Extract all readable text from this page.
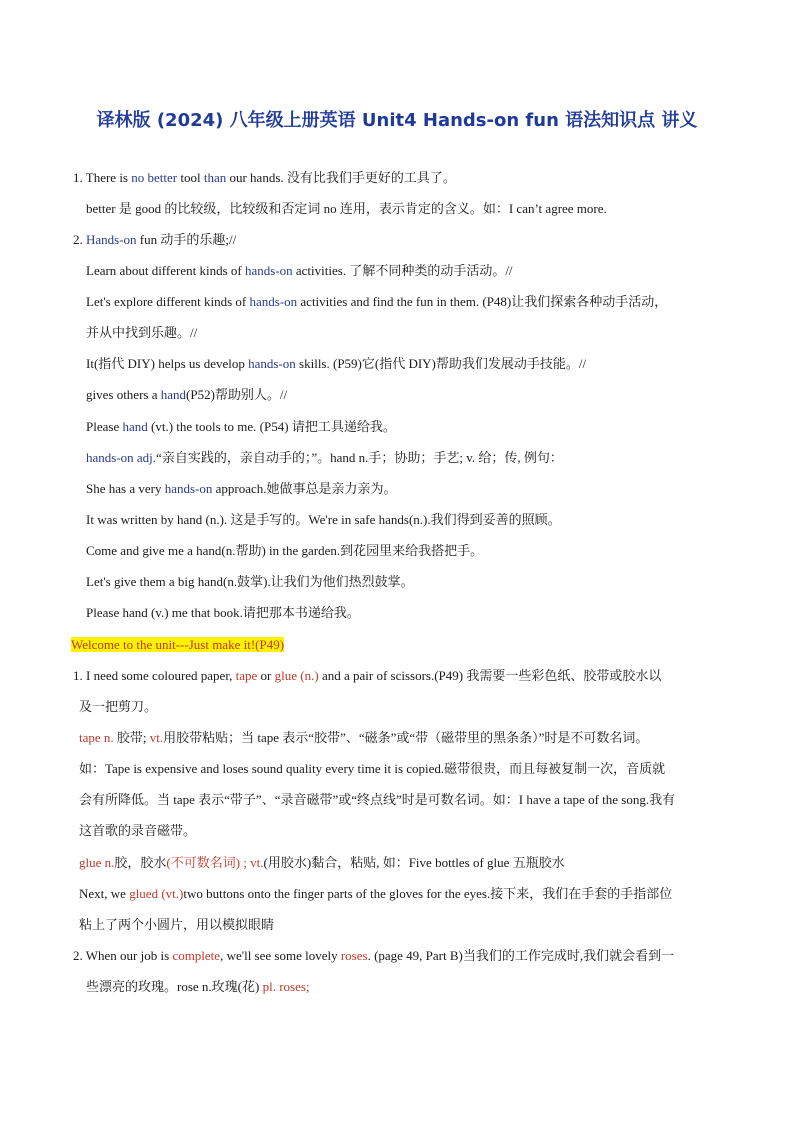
译林版 (2024) 八年级上册英语 Unit4 Hands-on fun 语法知识点 讲义
1. There is no better tool than our hands. 没有比我们手更好的工具了。
better 是 good 的比较级，比较级和否定词 no 连用，表示肯定的含义。如：I can’t agree more.
2. Hands-on fun 动手的乐趣;//
Learn about different kinds of hands-on activities. 了解不同种类的动手活动。//
Let's explore different kinds of hands-on activities and find the fun in them. (P48)让我们探索各种动手活动，
并从中找到乐趣。//
It(指代 DIY) helps us develop hands-on skills. (P59)它(指代 DIY)帮助我们发展动手技能。//
gives others a hand(P52)帮助别人。//
Please hand (vt.) the tools to me. (P54) 请把工具递给我。
hands-on adj.“亲自实践的，亲自动手的；”。hand n.手；协助；手艺; v. 给；传, 例句：
She has a very hands-on approach.她做事总是亲力亲为。
It was written by hand (n.). 这是手写的。We're in safe hands(n.).我们得到妥善的照顾。
Come and give me a hand(n.帮助) in the garden.到花园里来给我搭把手。
Let's give them a big hand(n.鼓掌).让我们为他们热烈鼓掌。
Please hand (v.) me that book.请把那本书递给我。
Welcome to the unit---Just make it!(P49)
1. I need some coloured paper, tape or glue (n.) and a pair of scissors.(P49) 我需要一些彩色纸、胶带或胶水以
及一把剪刀。
tape n. 胶带; vt.用胶带粘贴；当 tape 表示“胶带”、“磁条”或“带（磁带里的黑条条）”时是不可数名词。
如：Tape is expensive and loses sound quality every time it is copied.磁带很贵，而且每被复制一次，音质就
会有所降低。当 tape 表示“带子”、“录音磁带”或“终点线”时是可数名词。如：I have a tape of the song.我有
这首歌的录音磁带。
glue n.胶，胶水(不可数名词) ; vt.(用胶水)黏合，粘贴, 如：Five bottles of glue 五瓶胶水
Next, we glued (vt.)two buttons onto the finger parts of the gloves for the eyes.接下来，我们在手套的手指部位
粘上了两个小圆片，用以模拟眼睛
2. When our job is complete, we'll see some lovely roses. (page 49, Part B)当我们的工作完成时,我们就会看到一
些漂亮的玫瑰。rose n.玫瑰(花) pl. roses;
